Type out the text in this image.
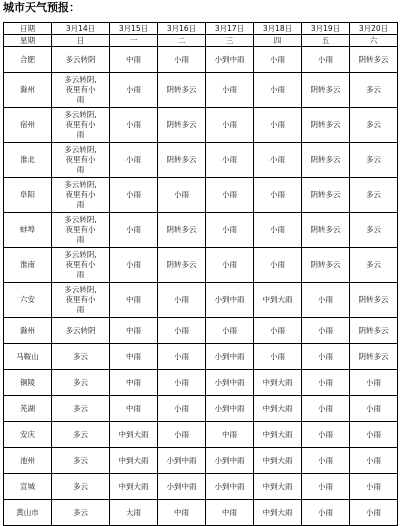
城市天气预报：
日期	3月14日	3月15日	3月16日	3月17日	3月18日	3月19日	3月20日
星期	日	一	二	三	四	五	六
合肥	多云转阴	中雨	小雨	小到中雨	小雨	小雨	阴转多云

滁州	多云转阴,
夜里有小
雨	小雨	阴转多云	小雨	小雨	阴转多云	多云

宿州	多云转阴,
夜里有小
雨	小雨	阴转多云	小雨	小雨	阴转多云	多云

淮北	多云转阴,
夜里有小
雨	小雨	阴转多云	小雨	小雨	阴转多云	多云

阜阳	多云转阴,
夜里有小
雨	小雨	小雨	小雨	小雨	阴转多云	多云

蚌埠	多云转阴,
夜里有小
雨	小雨	阴转多云	小雨	小雨	阴转多云	多云

淮南	多云转阴,
夜里有小
雨	小雨	阴转多云	小雨	小雨	阴转多云	多云

六安	多云转阴,
夜里有小
雨	中雨	小雨	小到中雨	中到大雨	小雨	阴转多云

滁州	多云转阴	中雨	小雨	小雨	小雨	小雨	阴转多云

马鞍山	多云	中雨	小雨	小到中雨	小雨	小雨	阴转多云

铜陵	多云	中雨	小雨	小到中雨	中到大雨	小雨	小雨

芜湖	多云	中雨	小雨	小到中雨	中到大雨	小雨	小雨

安庆	多云	中到大雨	小雨	中雨	中到大雨	小雨	小雨

池州	多云	中到大雨	小到中雨	小到中雨	中到大雨	小雨	小雨

宣城	多云	中到大雨	小到中雨	小到中雨	中到大雨	小雨	小雨

黄山市	多云	大雨	中雨	中雨	中到大雨	小雨	小雨
